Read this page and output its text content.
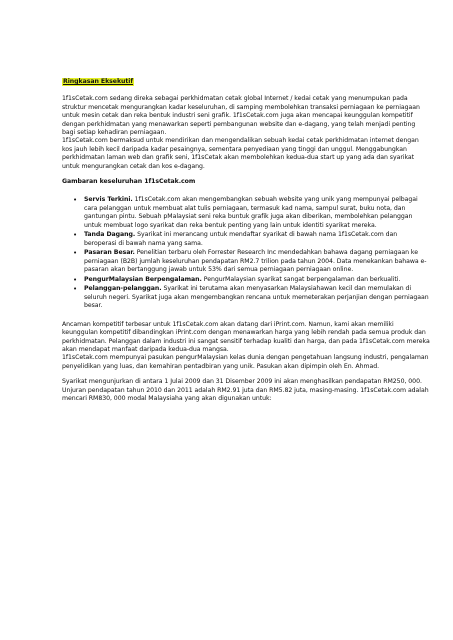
Ringkasan Eksekutif

1f1sCetak.com sedang direka sebagai perkhidmatan cetak global Internet / kedai cetak yang menumpukan pada struktur mencetak mengurangkan kadar keseluruhan, di samping membolehkan transaksi perniagaan ke perniagaan untuk mesin cetak dan reka bentuk industri seni grafik. 1f1sCetak.com juga akan mencapai keunggulan kompetitif dengan perkhidmatan yang menawarkan seperti pembangunan website dan e-dagang, yang telah menjadi penting bagi setiap kehadiran perniagaan.

1f1sCetak.com bermaksud untuk mendirikan dan mengendalikan sebuah kedai cetak perkhidmatan internet dengan kos jauh lebih kecil daripada kadar pesaingnya, sementara penyediaan yang tinggi dan unggul. Menggabungkan perkhidmatan laman web dan grafik seni, 1f1sCetak akan membolehkan kedua-dua start up yang ada dan syarikat untuk mengurangkan cetak dan kos e-dagang.

Gambaran keseluruhan 1f1sCetak.com

• Servis Terkini. 1f1sCetak.com akan mengembangkan sebuah website yang unik yang mempunyai pelbagai cara pelanggan untuk membuat alat tulis perniagaan, termasuk kad nama, sampul surat, buku nota, dan gantungan pintu. Sebuah pMalaysiat seni reka buntuk grafik juga akan diberikan, membolehkan pelanggan untuk membuat logo syarikat dan reka bentuk penting yang lain untuk identiti syarikat mereka.
• Tanda Dagang. Syarikat ini merancang untuk mendaftar syarikat di bawah nama 1f1sCetak.com dan beroperasi di bawah nama yang sama.
• Pasaran Besar. Penelitian terbaru oleh Forrester Research Inc mendedahkan bahawa dagang perniagaan ke perniagaan (B2B) jumlah keseluruhan pendapatan RM2.7 trilion pada tahun 2004. Data menekankan bahawa e-pasaran akan bertanggung jawab untuk 53% dari semua perniagaan perniagaan online.
• PengurMalaysian Berpengalaman. PengurMalaysian syarikat sangat berpengalaman dan berkualiti.
• Pelanggan-pelanggan. Syarikat ini terutama akan menyasarkan Malaysiahawan kecil dan memulakan di seluruh negeri. Syarikat juga akan mengembangkan rencana untuk memeterakan perjanjian dengan perniagaan besar.

Ancaman kompetitif terbesar untuk 1f1sCetak.com akan datang dari iPrint.com. Namun, kami akan memiliki keunggulan kompetitif dibandingkan iPrint.com dengan menawarkan harga yang lebih rendah pada semua produk dan perkhidmatan. Pelanggan dalam industri ini sangat sensitif terhadap kualiti dan harga, dan pada 1f1sCetak.com mereka akan mendapat manfaat daripada kedua-dua mangsa.

1f1sCetak.com mempunyai pasukan pengurMalaysian kelas dunia dengan pengetahuan langsung industri, pengalaman penyelidikan yang luas, dan kemahiran pentadbiran yang unik. Pasukan akan dipimpin oleh En. Ahmad.

Syarikat mengunjurkan di antara 1 Julai 2009 dan 31 Disember 2009 ini akan menghasilkan pendapatan RM250, 000. Unjuran pendapatan tahun 2010 dan 2011 adalah RM2.91 juta dan RM5.82 juta, masing-masing. 1f1sCetak.com adalah mencari RM830, 000 modal Malaysiaha yang akan digunakan untuk:
